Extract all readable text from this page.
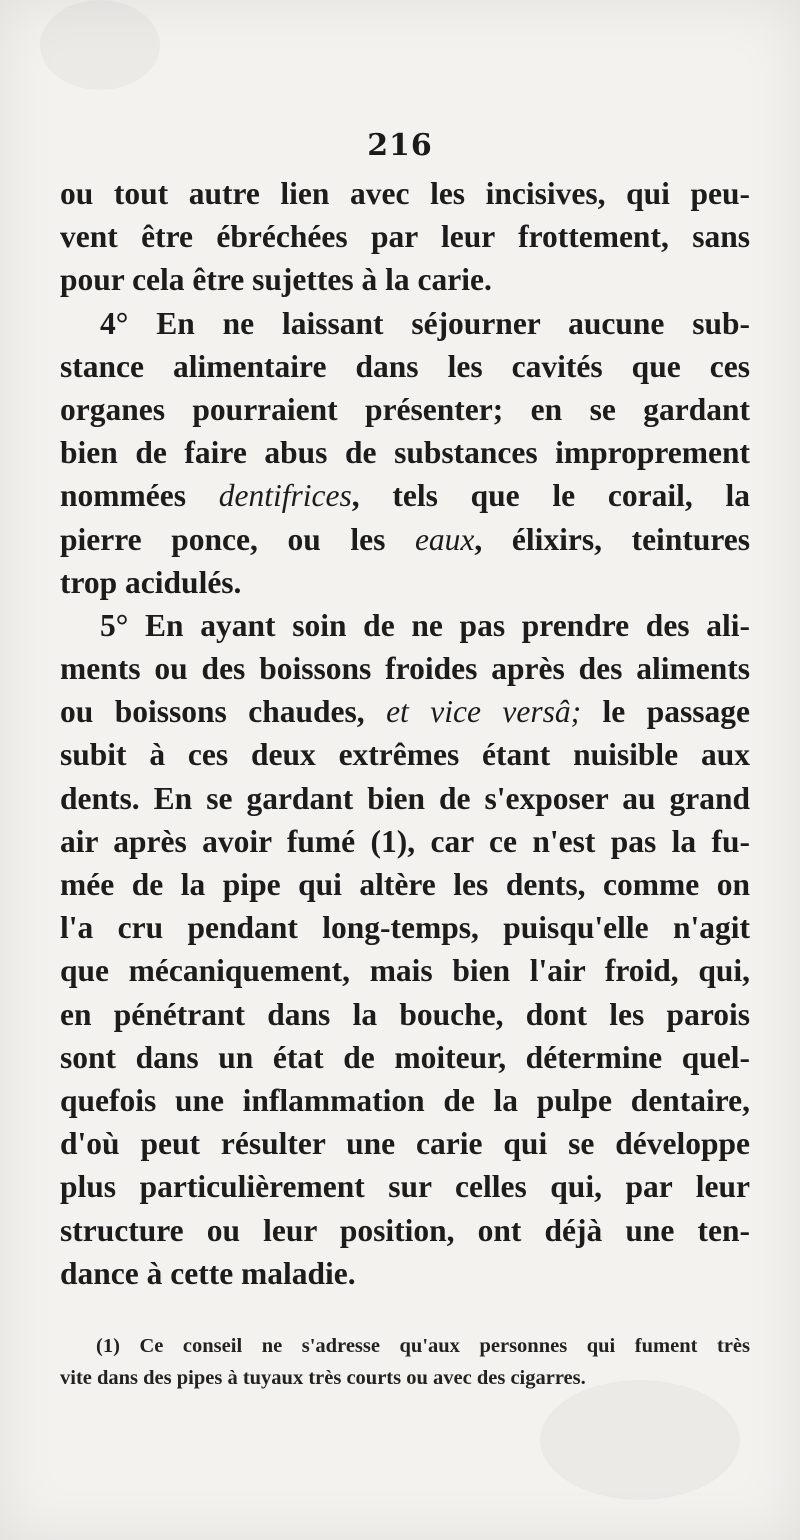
216
ou tout autre lien avec les incisives, qui peu-
vent être ébréchées par leur frottement, sans
pour cela être sujettes à la carie.
4° En ne laissant séjourner aucune sub-
stance alimentaire dans les cavités que ces
organes pourraient présenter; en se gardant
bien de faire abus de substances improprement
nommées dentifrices, tels que le corail, la
pierre ponce, ou les eaux, élixirs, teintures
trop acidulés.
5° En ayant soin de ne pas prendre des ali-
ments ou des boissons froides après des aliments
ou boissons chaudes, et vice versâ; le passage
subit à ces deux extrêmes étant nuisible aux
dents. En se gardant bien de s'exposer au grand
air après avoir fumé (1), car ce n'est pas la fu-
mée de la pipe qui altère les dents, comme on
l'a cru pendant long-temps, puisqu'elle n'agit
que mécaniquement, mais bien l'air froid, qui,
en pénétrant dans la bouche, dont les parois
sont dans un état de moiteur, détermine quel-
quefois une inflammation de la pulpe dentaire,
d'où peut résulter une carie qui se développe
plus particulièrement sur celles qui, par leur
structure ou leur position, ont déjà une ten-
dance à cette maladie.
(1) Ce conseil ne s'adresse qu'aux personnes qui fument très
vite dans des pipes à tuyaux très courts ou avec des cigarres.
